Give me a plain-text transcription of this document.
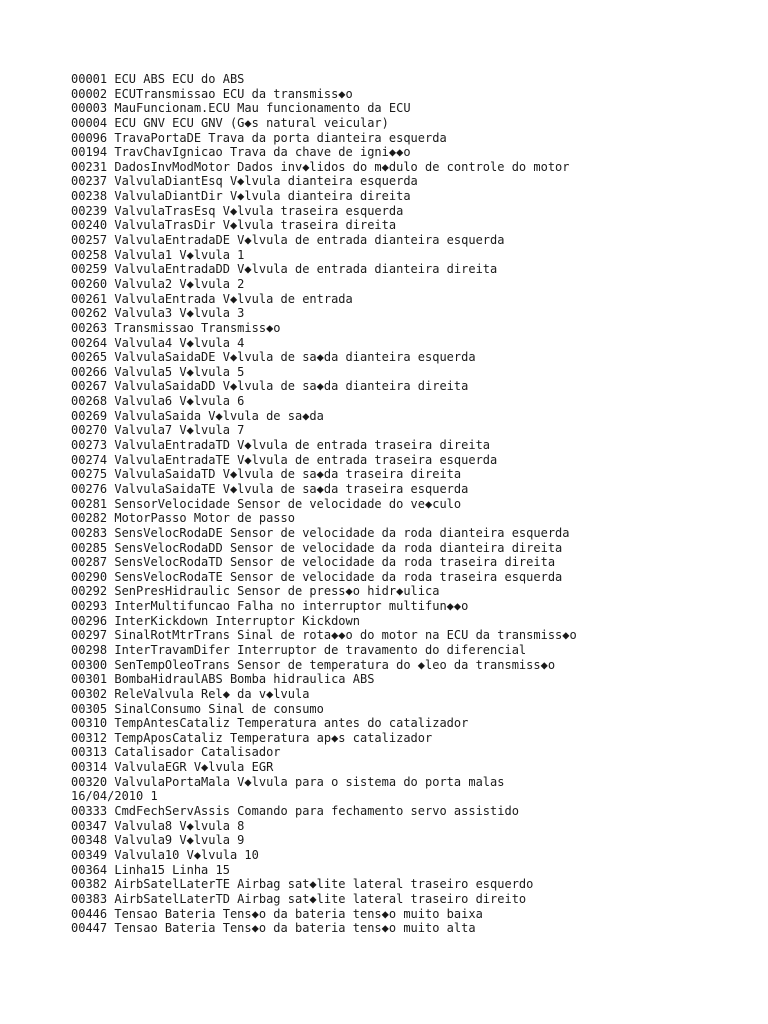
00001 ECU ABS ECU do ABS
00002 ECUTransmissao ECU da transmiss◆o
00003 MauFuncionam.ECU Mau funcionamento da ECU
00004 ECU GNV ECU GNV (G◆s natural veicular)
00096 TravaPortaDE Trava da porta dianteira esquerda
00194 TravChavIgnicao Trava da chave de igni◆◆o
00231 DadosInvModMotor Dados inv◆lidos do m◆dulo de controle do motor
00237 ValvulaDiantEsq V◆lvula dianteira esquerda
00238 ValvulaDiantDir V◆lvula dianteira direita
00239 ValvulaTrasEsq V◆lvula traseira esquerda
00240 ValvulaTrasDir V◆lvula traseira direita
00257 ValvulaEntradaDE V◆lvula de entrada dianteira esquerda
00258 Valvula1 V◆lvula 1
00259 ValvulaEntradaDD V◆lvula de entrada dianteira direita
00260 Valvula2 V◆lvula 2
00261 ValvulaEntrada V◆lvula de entrada
00262 Valvula3 V◆lvula 3
00263 Transmissao Transmiss◆o
00264 Valvula4 V◆lvula 4
00265 ValvulaSaidaDE V◆lvula de sa◆da dianteira esquerda
00266 Valvula5 V◆lvula 5
00267 ValvulaSaidaDD V◆lvula de sa◆da dianteira direita
00268 Valvula6 V◆lvula 6
00269 ValvulaSaida V◆lvula de sa◆da
00270 Valvula7 V◆lvula 7
00273 ValvulaEntradaTD V◆lvula de entrada traseira direita
00274 ValvulaEntradaTE V◆lvula de entrada traseira esquerda
00275 ValvulaSaidaTD V◆lvula de sa◆da traseira direita
00276 ValvulaSaidaTE V◆lvula de sa◆da traseira esquerda
00281 SensorVelocidade Sensor de velocidade do ve◆culo
00282 MotorPasso Motor de passo
00283 SensVelocRodaDE Sensor de velocidade da roda dianteira esquerda
00285 SensVelocRodaDD Sensor de velocidade da roda dianteira direita
00287 SensVelocRodaTD Sensor de velocidade da roda traseira direita
00290 SensVelocRodaTE Sensor de velocidade da roda traseira esquerda
00292 SenPresHidraulic Sensor de press◆o hidr◆ulica
00293 InterMultifuncao Falha no interruptor multifun◆◆o
00296 InterKickdown Interruptor Kickdown
00297 SinalRotMtrTrans Sinal de rota◆◆o do motor na ECU da transmiss◆o
00298 InterTravamDifer Interruptor de travamento do diferencial
00300 SenTempOleoTrans Sensor de temperatura do ◆leo da transmiss◆o
00301 BombaHidraulABS Bomba hidraulica ABS
00302 ReleValvula Rel◆ da v◆lvula
00305 SinalConsumo Sinal de consumo
00310 TempAntesCataliz Temperatura antes do catalizador
00312 TempAposCataliz Temperatura ap◆s catalizador
00313 Catalisador Catalisador
00314 ValvulaEGR V◆lvula EGR
00320 ValvulaPortaMala V◆lvula para o sistema do porta malas
16/04/2010 1
00333 CmdFechServAssis Comando para fechamento servo assistido
00347 Valvula8 V◆lvula 8
00348 Valvula9 V◆lvula 9
00349 Valvula10 V◆lvula 10
00364 Linha15 Linha 15
00382 AirbSatelLaterTE Airbag sat◆lite lateral traseiro esquerdo
00383 AirbSatelLaterTD Airbag sat◆lite lateral traseiro direito
00446 Tensao Bateria Tens◆o da bateria tens◆o muito baixa
00447 Tensao Bateria Tens◆o da bateria tens◆o muito alta
